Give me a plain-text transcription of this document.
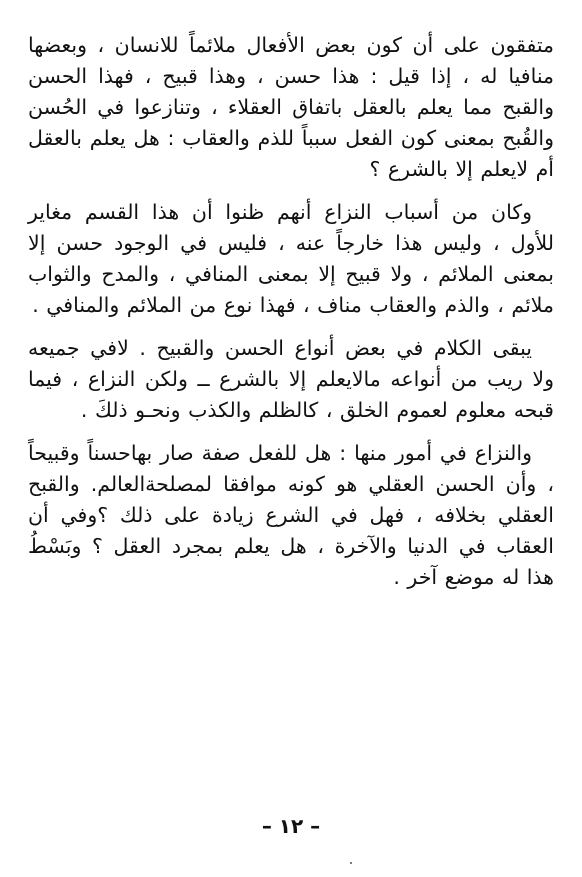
متفقون على أن كون بعض الأفعال ملائماً للانسان ، وبعضها منافيا له ، إذا قيل : هذا حسن ، وهذا قبيح ، فهذا الحسن والقبح مما يعلم بالعقل باتفاق العقلاء ، وتنازعوا في الحُسن والقُبح بمعنى كون الفعل سبباً للذم والعقاب : هل يعلم بالعقل أم لايعلم إلا بالشرع ؟

وكان من أسباب النزاع أنهم ظنوا أن هذا القسم مغاير للأول ، وليس هذا خارجاً عنه ، فليس في الوجود حسن إلا بمعنى الملائم ، ولا قبيح إلا بمعنى المنافي ، والمدح والثواب ملائم ، والذم والعقاب مناف ، فهذا نوع من الملائم والمنافي .

يبقى الكلام في بعض أنواع الحسن والقبيح . لافي جميعه ولا ريب من أنواعه مالايعلم إلا بالشرع ــ ولكن النزاع ، فيما قبحه معلوم لعموم الخلق ، كالظلم والكذب ونحـو ذلكَ .

والنزاع في أمور منها : هل للفعل صفة صار بهاحسناً وقبيحاً ، وأن الحسن العقلي هو كونه موافقا لمصلحةالعالم. والقبح العقلي بخلافه ، فهل في الشرع زيادة على ذلك ؟وفي أن العقاب في الدنيا والآخرة ، هل يعلم بمجرد العقل ؟ وبَسْطُ هذا له موضع آخر .

– ١٢ –
